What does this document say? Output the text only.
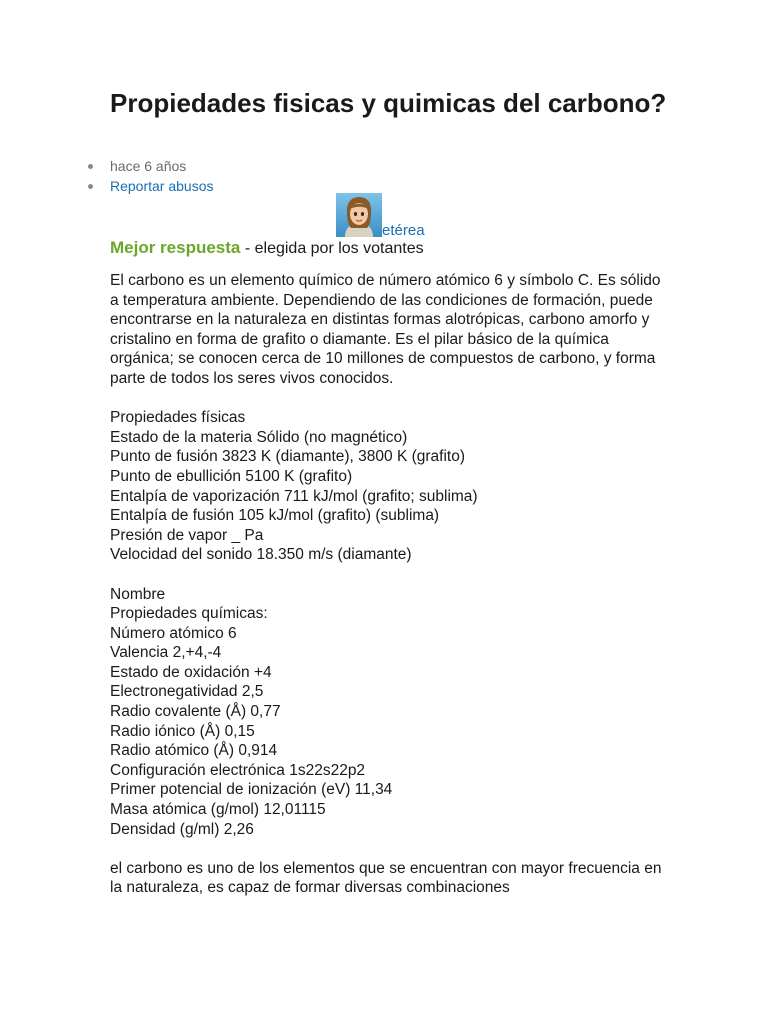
Propiedades fisicas y quimicas del carbono?
hace 6 años
Reportar abusos
etérea
Mejor respuesta - elegida por los votantes

El carbono es un elemento químico de número atómico 6 y símbolo C. Es sólido a temperatura ambiente. Dependiendo de las condiciones de formación, puede encontrarse en la naturaleza en distintas formas alotrópicas, carbono amorfo y cristalino en forma de grafito o diamante. Es el pilar básico de la química orgánica; se conocen cerca de 10 millones de compuestos de carbono, y forma parte de todos los seres vivos conocidos.

Propiedades físicas

Estado de la materia Sólido (no magnético)

Punto de fusión 3823 K (diamante), 3800 K (grafito)

Punto de ebullición 5100 K (grafito)

Entalpía de vaporización 711 kJ/mol (grafito; sublima)

Entalpía de fusión 105 kJ/mol (grafito) (sublima)

Presión de vapor _ Pa

Velocidad del sonido 18.350 m/s (diamante)

Nombre

Propiedades químicas:

Número atómico 6

Valencia 2,+4,-4

Estado de oxidación +4

Electronegatividad 2,5

Radio covalente (Å) 0,77

Radio iónico (Å) 0,15

Radio atómico (Å) 0,914

Configuración electrónica 1s22s22p2

Primer potencial de ionización (eV) 11,34

Masa atómica (g/mol) 12,01115

Densidad (g/ml) 2,26

el carbono es uno de los elementos que se encuentran con mayor frecuencia en la naturaleza, es capaz de formar diversas combinaciones
